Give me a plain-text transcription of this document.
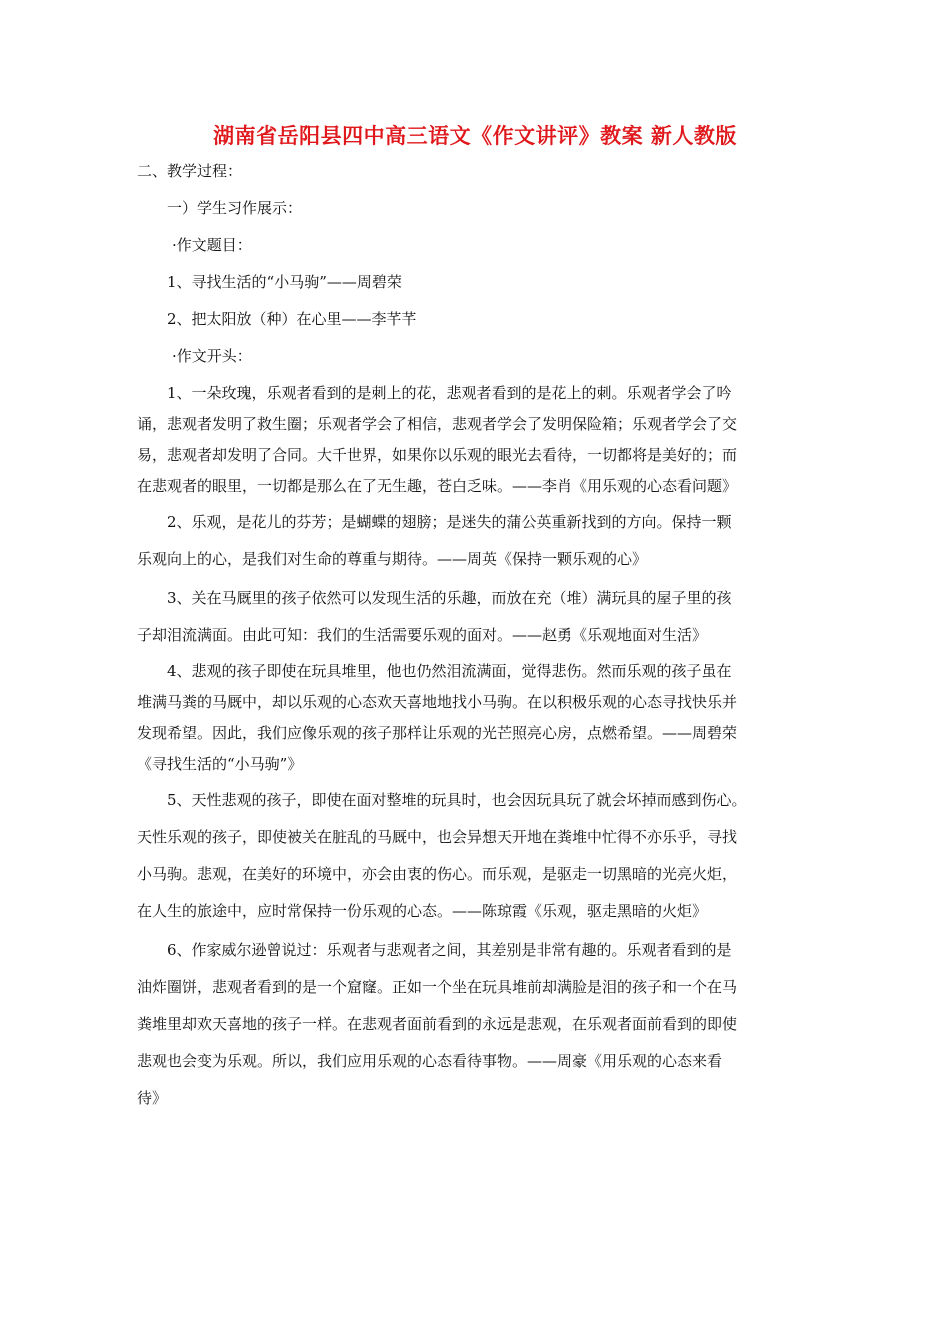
湖南省岳阳县四中高三语文《作文讲评》教案 新人教版
二、教学过程：
一）学生习作展示：
·作文题目：
1、寻找生活的“小马驹”——周碧荣
2、把太阳放（种）在心里——李芊芊
·作文开头：
1、一朵玫瑰，乐观者看到的是刺上的花，悲观者看到的是花上的刺。乐观者学会了吟
诵，悲观者发明了救生圈；乐观者学会了相信，悲观者学会了发明保险箱；乐观者学会了交
易，悲观者却发明了合同。大千世界，如果你以乐观的眼光去看待，一切都将是美好的；而
在悲观者的眼里，一切都是那么在了无生趣，苍白乏味。——李肖《用乐观的心态看问题》
2、乐观，是花儿的芬芳；是蝴蝶的翅膀；是迷失的蒲公英重新找到的方向。保持一颗
乐观向上的心，是我们对生命的尊重与期待。——周英《保持一颗乐观的心》
3、关在马厩里的孩子依然可以发现生活的乐趣，而放在充（堆）满玩具的屋子里的孩
子却泪流满面。由此可知：我们的生活需要乐观的面对。——赵勇《乐观地面对生活》
4、悲观的孩子即使在玩具堆里，他也仍然泪流满面，觉得悲伤。然而乐观的孩子虽在
堆满马粪的马厩中，却以乐观的心态欢天喜地地找小马驹。在以积极乐观的心态寻找快乐并
发现希望。因此，我们应像乐观的孩子那样让乐观的光芒照亮心房，点燃希望。——周碧荣
《寻找生活的“小马驹”》
5、天性悲观的孩子，即使在面对整堆的玩具时，也会因玩具玩了就会坏掉而感到伤心。
天性乐观的孩子，即使被关在脏乱的马厩中，也会异想天开地在粪堆中忙得不亦乐乎，寻找
小马驹。悲观，在美好的环境中，亦会由衷的伤心。而乐观，是驱走一切黑暗的光亮火炬，
在人生的旅途中，应时常保持一份乐观的心态。——陈琼霞《乐观，驱走黑暗的火炬》
6、作家威尔逊曾说过：乐观者与悲观者之间，其差别是非常有趣的。乐观者看到的是
油炸圈饼，悲观者看到的是一个窟窿。正如一个坐在玩具堆前却满脸是泪的孩子和一个在马
粪堆里却欢天喜地的孩子一样。在悲观者面前看到的永远是悲观，在乐观者面前看到的即使
悲观也会变为乐观。所以，我们应用乐观的心态看待事物。——周豪《用乐观的心态来看
待》
